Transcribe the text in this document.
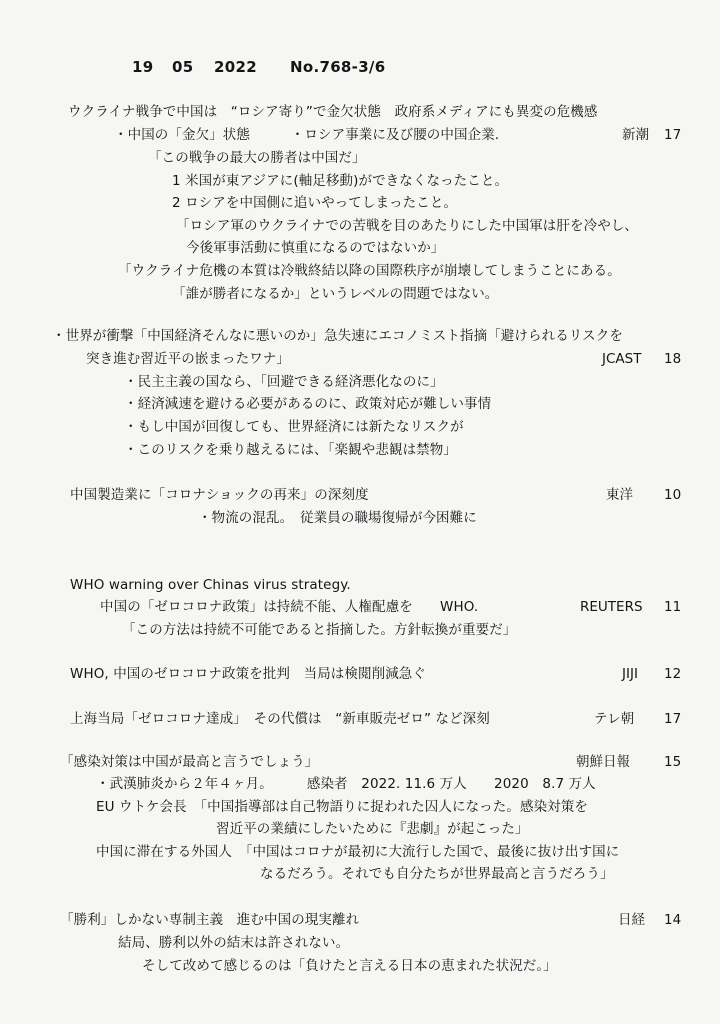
19 05 2022 No.768-3/6
ウクライナ戦争で中国は　“ロシア寄り”で金欠状態　政府系メディアにも異変の危機感
・中国の「金欠」状態　　　・ロシア事業に及び腰の中国企業.	新潮 17
「この戦争の最大の勝者は中国だ」
1 米国が東アジアに(軸足移動)ができなくなったこと。
2 ロシアを中国側に追いやってしまったこと。
「ロシア軍のウクライナでの苦戦を目のあたりにした中国軍は肝を冷やし、
今後軍事活動に慎重になるのではないか」
「ウクライナ危機の本質は冷戦終結以降の国際秩序が崩壊してしまうことにある。
「誰が勝者になるか」というレベルの問題ではない。
・世界が衝撃「中国経済そんなに悪いのか」急失速にエコノミスト指摘「避けられるリスクを
突き進む習近平の嵌まったワナ」	JCAST 18
・民主主義の国なら、「回避できる経済悪化なのに」
・経済減速を避ける必要があるのに、政策対応が難しい事情
・もし中国が回復しても、世界経済には新たなリスクが
・このリスクを乗り越えるには、「楽観や悲観は禁物」
中国製造業に「コロナショックの再来」の深刻度	東洋 10
・物流の混乱。　従業員の職場復帰が今困難に
WHO warning over Chinas virus strategy.
中国の「ゼロコロナ政策」は持続不能、人権配慮を　　WHO.	REUTERS 11
「この方法は持続不可能であると指摘した。方針転換が重要だ」
WHO, 中国のゼロコロナ政策を批判　当局は検閲削減急ぐ	JIJI 12
上海当局「ゼロコロナ達成」　その代償は　“新車販売ゼロ” など深刻	テレ朝 17
「感染対策は中国が最高と言うでしょう」	朝鮮日報	15
・武漢肺炎から２年４ヶ月。　　　感染者　2022. 11.6 万人　　2020　8.7 万人
EU ウトケ会長　「中国指導部は自己物語りに捉われた囚人になった。感染対策を
習近平の業績にしたいために『悲劇』が起こった」
中国に滞在する外国人　「中国はコロナが最初に大流行した国で、最後に抜け出す国に
なるだろう。それでも自分たちが世界最高と言うだろう」
「勝利」しかない専制主義　進む中国の現実離れ	日経 14
結局、勝利以外の結末は許されない。
そして改めて感じるのは「負けたと言える日本の恵まれた状況だ。」
